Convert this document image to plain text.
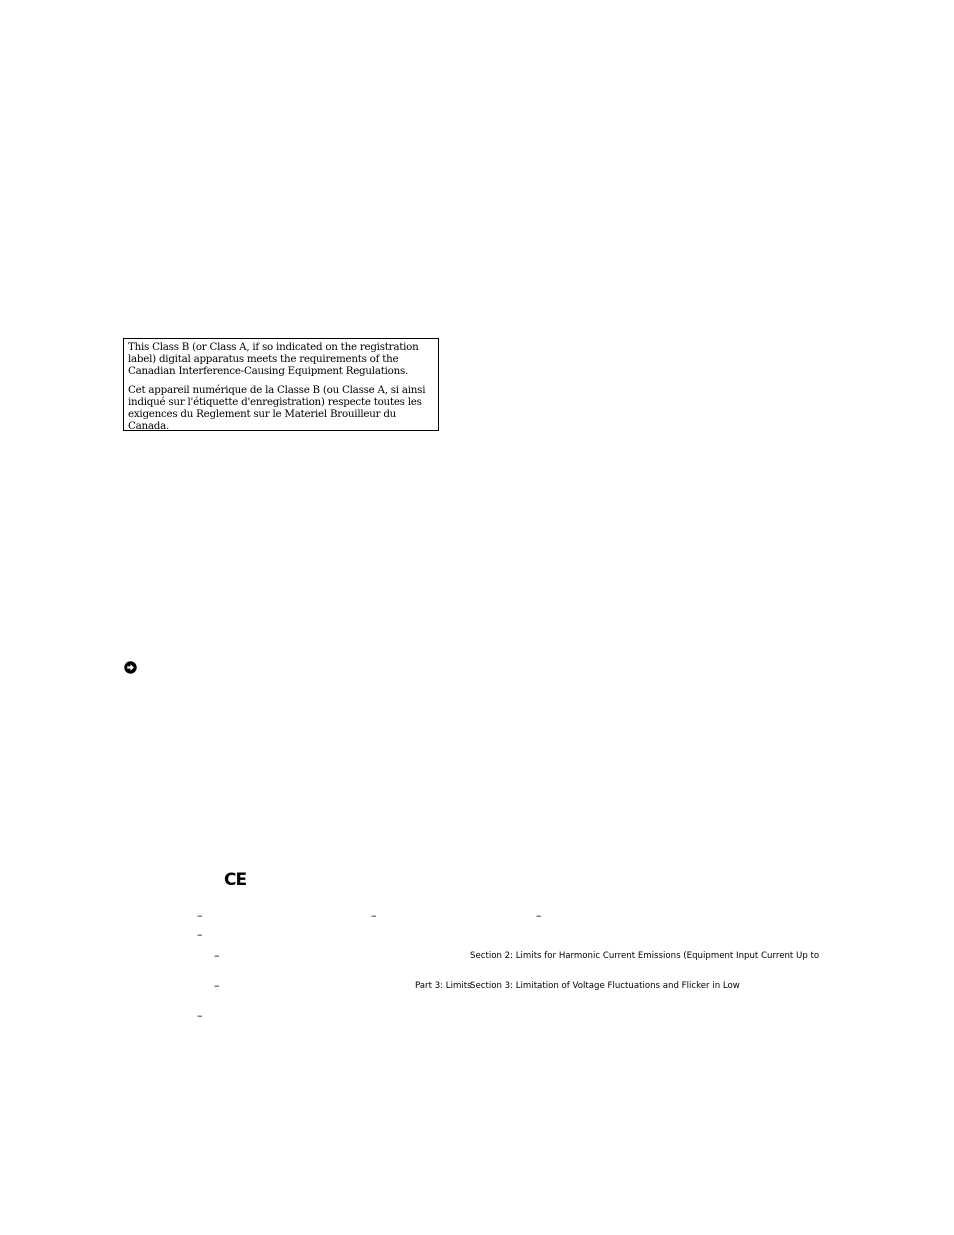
This Class B (or Class A, if so indicated on the registration label) digital apparatus meets the requirements of the Canadian Interference-Causing Equipment Regulations.

Cet appareil numérique de la Classe B (ou Classe A, si ainsi indiqué sur l'étiquette d'enregistration) respecte toutes les exigences du Reglement sur le Materiel Brouilleur du Canada.

CE
–	–	–
–
–
–
–
Section 2: Limits for Harmonic Current Emissions (Equipment Input Current Up to
Part 3: Limits
Section 3: Limitation of Voltage Fluctuations and Flicker in Low
